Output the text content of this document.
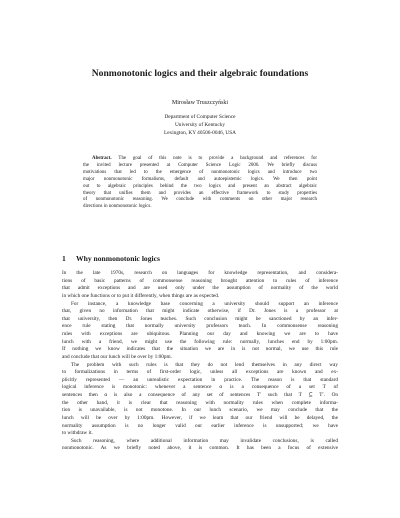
Nonmonotonic logics and their algebraic foundations
Mirosław Truszczyński
Department of Computer Science
University of Kentucky
Lexington, KY 40506-0046, USA
Abstract. The goal of this note is to provide a background and references for
the invited lecture presented at Computer Science Logic 2006. We briefly discuss
motivations that led to the emergence of nonmonotonic logics and introduce two
major nonmonotonic formalisms, default and autoepistemic logics. We then point
out to algebraic principles behind the two logics and present an abstract algebraic
theory that unifies them and provides an effective framework to study properties
of nonmonotonic reasoning. We conclude with comments on other major research
directions in nonmonotonic logics.
1 Why nonmonotonic logics

In the late 1970s, research on languages for knowledge representation, and considera-
tions of basic patterns of commonsense reasoning brought attention to rules of inference
that admit exceptions and are used only under the assumption of normality of the world
in which one functions or to put it differently, when things are as expected.

For instance, a knowledge base concerning a university should support an inference
that, given no information that might indicate otherwise, if Dr. Jones is a professor at
that university, then Dr. Jones teaches. Such conclusion might be sanctioned by an infer-
ence rule stating that normally university professors teach. In commonsense reasoning
rules with exceptions are ubiquitous. Planning our day and knowing we are to have
lunch with a friend, we might use the following rule: normally, lunches end by 1:00pm.
If nothing we know indicates that the situation we are in is not normal, we use this rule
and conclude that our lunch will be over by 1:00pm.

The problem with such rules is that they do not lend themselves in any direct way
to formalizations in terms of first-order logic, unless all exceptions are known and ex-
plicitly represented — an unrealistic expectation in practice. The reason is that standard
logical inference is monotonic: whenever a sentence α is a consequence of a set T of
sentences then α is also a consequence of any set of sentences T′ such that T ⊆ T′. On
the other hand, it is clear that reasoning with normality rules when complete informa-
tion is unavailable, is not monotone. In our lunch scenario, we may conclude that the
lunch will be over by 1:00pm. However, if we learn that our friend will be delayed, the
normality assumption is no longer valid our earlier inference is unsupported; we have
to withdraw it.

Such reasoning, where additional information may invalidate conclusions, is called
nonmonotonic. As we briefly noted above, it is common. It has been a focus of extensive
